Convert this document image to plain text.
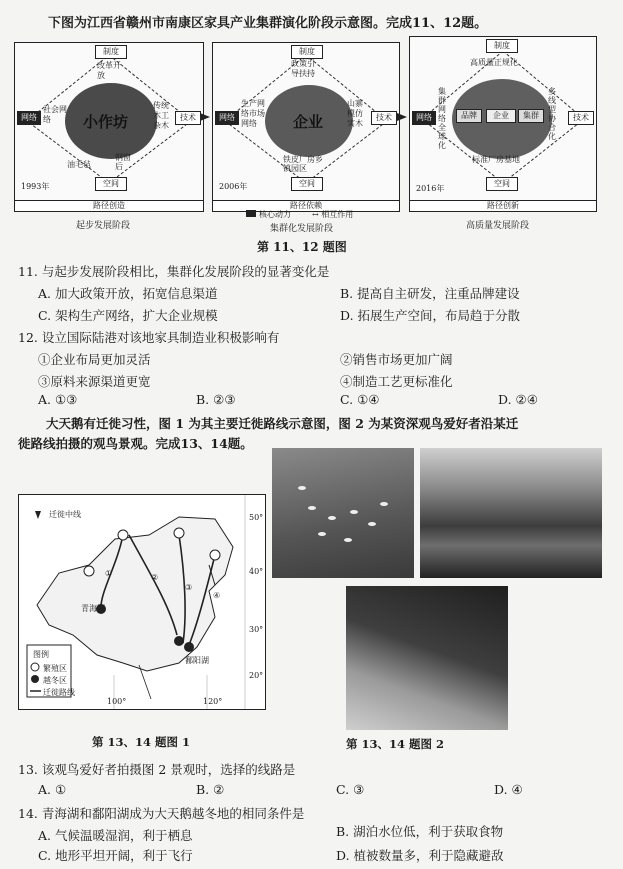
下图为江西省赣州市南康区家具产业集群演化阶段示意图。完成11、12题。
制度
改革开放
网络
社会网络	小作坊
传统木工杂木
技术
油毛毡
钢窗后
空间
1993年
路径创造
制度
政策引导扶持
网络
生产网络市场网络	企业
山寨模仿实木
技术
铁皮厂房乡镇园区
空间
2006年
路径依赖
制度
高质量正规化
网络
集群网络全球化
品牌	企业	集群
多线型协合化
技术
标准厂房基地
空间
2016年
路径创新
起步发展阶段
核心动力	↔ 相互作用
集群化发展阶段	高质量发展阶段
第 11、12 题图
11. 与起步发展阶段相比，集群化发展阶段的显著变化是
A. 加大政策开放，拓宽信息渠道	B. 提高自主研发，注重品牌建设
C. 架构生产网络，扩大企业规模	D. 拓展生产空间，布局趋于分散
12. 设立国际陆港对该地家具制造业积极影响有
①企业布局更加灵活	②销售市场更加广阔
③原料来源渠道更宽	④制造工艺更标准化
A. ①③	B. ②③	C. ①④	D. ②④
大天鹅有迁徙习性，图 1 为其主要迁徙路线示意图，图 2 为某资深观鸟爱好者沿某迁
徙路线拍摄的观鸟景观。完成13、14题。
迁徙中线	50°
40°
30°
20°
100°	120°
青海湖
鄱阳湖
①	②
③
④
图例
繁殖区
越冬区
迁徙路线
第 13、14 题图 1	第 13、14 题图 2
13. 该观鸟爱好者拍摄图 2 景观时，选择的线路是
A. ①	B. ②	C. ③	D. ④
14. 青海湖和鄱阳湖成为大天鹅越冬地的相同条件是
A. 气候温暖湿润，利于栖息	B. 湖泊水位低，利于获取食物
C. 地形平坦开阔，利于飞行	D. 植被数量多，利于隐藏避敌
